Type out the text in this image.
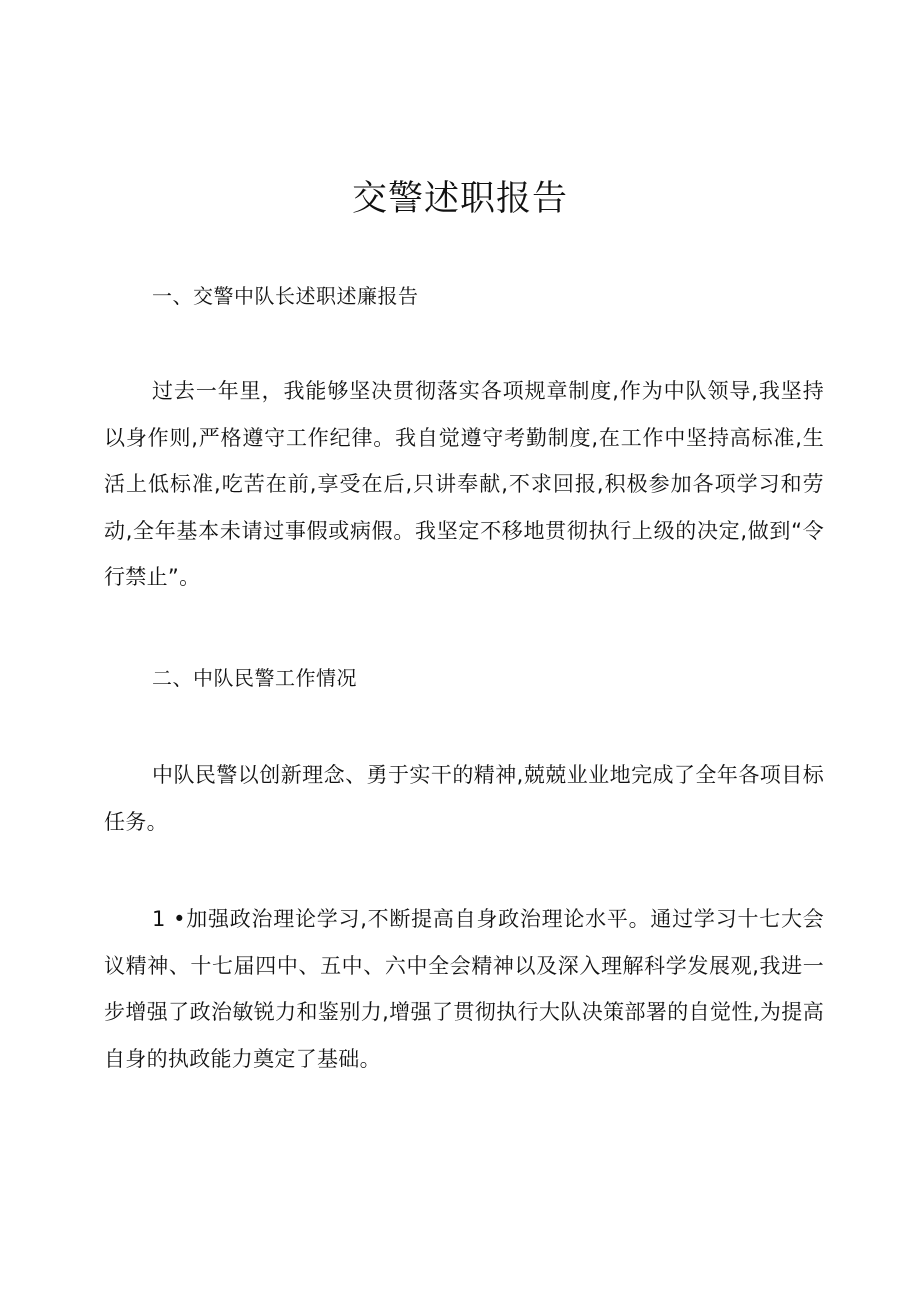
交警述职报告

一、交警中队长述职述廉报告

过去一年里，我能够坚决贯彻落实各项规章制度,作为中队领导,我坚持以身作则,严格遵守工作纪律。我自觉遵守考勤制度,在工作中坚持高标准,生活上低标准,吃苦在前,享受在后,只讲奉献,不求回报,积极参加各项学习和劳动,全年基本未请过事假或病假。我坚定不移地贯彻执行上级的决定,做到“令行禁止”。

二、中队民警工作情况

中队民警以创新理念、勇于实干的精神,兢兢业业地完成了全年各项目标任务。

1 •加强政治理论学习,不断提高自身政治理论水平。通过学习十七大会议精神、十七届四中、五中、六中全会精神以及深入理解科学发展观,我进一步增强了政治敏锐力和鉴别力,增强了贯彻执行大队决策部署的自觉性,为提高自身的执政能力奠定了基础。
